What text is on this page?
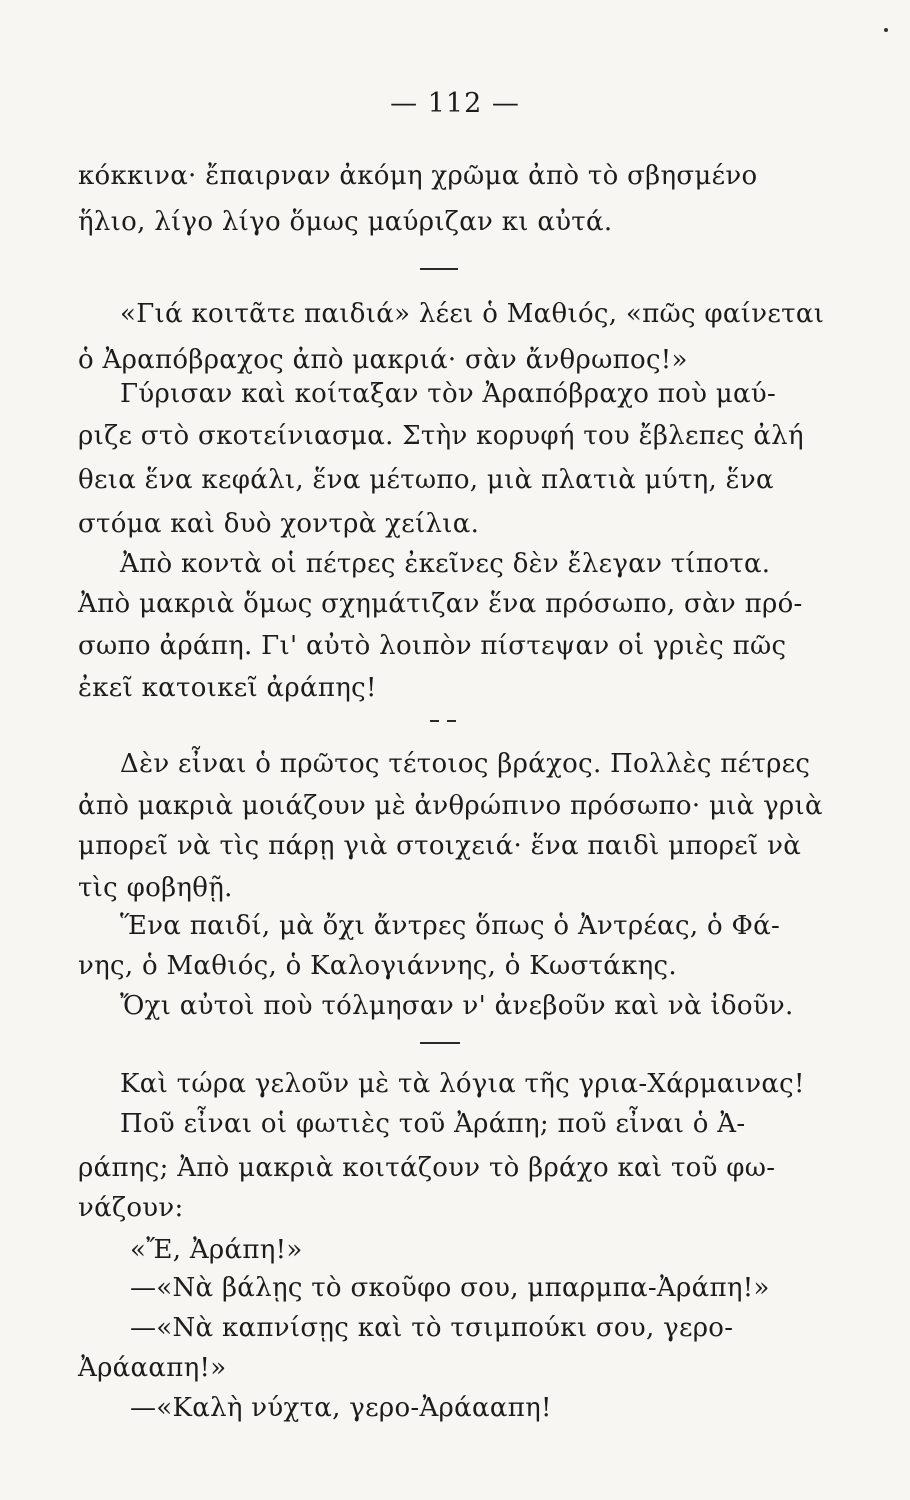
— 112 —
κόκκινα· ἔπαιρναν ἀκόμη χρῶμα ἀπὸ τὸ σβησμένο
ἥλιο, λίγο λίγο ὅμως μαύριζαν κι αὐτά.
«Γιά κοιτᾶτε παιδιά» λέει ὁ Μαθιός, «πῶς φαίνεται
ὁ Ἀραπόβραχος ἀπὸ μακριά· σὰν ἄνθρωπος!»
Γύρισαν καὶ κοίταξαν τὸν Ἀραπόβραχο ποὺ μαύ-
ριζε στὸ σκοτείνιασμα. Στὴν κορυφή του ἔβλεπες ἀλή
θεια ἕνα κεφάλι, ἕνα μέτωπο, μιὰ πλατιὰ μύτη, ἕνα
στόμα καὶ δυὸ χοντρὰ χείλια.
Ἀπὸ κοντὰ οἱ πέτρες ἐκεῖνες δὲν ἔλεγαν τίποτα.
Ἀπὸ μακριὰ ὅμως σχημάτιζαν ἕνα πρόσωπο, σὰν πρό-
σωπο ἀράπη. Γι' αὐτὸ λοιπὸν πίστεψαν οἱ γριὲς πῶς
ἐκεῖ κατοικεῖ ἀράπης!
Δὲν εἶναι ὁ πρῶτος τέτοιος βράχος. Πολλὲς πέτρες
ἀπὸ μακριὰ μοιάζουν μὲ ἀνθρώπινο πρόσωπο· μιὰ γριὰ
μπορεῖ νὰ τὶς πάρῃ γιὰ στοιχειά· ἕνα παιδὶ μπορεῖ νὰ
τὶς φοβηθῇ.
Ἕνα παιδί, μὰ ὄχι ἄντρες ὅπως ὁ Ἀντρέας, ὁ Φά-
νης, ὁ Μαθιός, ὁ Καλογιάννης, ὁ Κωστάκης.
Ὄχι αὐτοὶ ποὺ τόλμησαν ν' ἀνεβοῦν καὶ νὰ ἰδοῦν.
Καὶ τώρα γελοῦν μὲ τὰ λόγια τῆς γρια-Χάρμαινας!
Ποῦ εἶναι οἱ φωτιὲς τοῦ Ἀράπη; ποῦ εἶναι ὁ Ἀ-
ράπης; Ἀπὸ μακριὰ κοιτάζουν τὸ βράχο καὶ τοῦ φω-
νάζουν:
«Ἔ, Ἀράπη!»
—«Νὰ βάλῃς τὸ σκοῦφο σου, μπαρμπα-Ἀράπη!»
—«Νὰ καπνίσῃς καὶ τὸ τσιμπούκι σου, γερο-
Ἀράααπη!»
—«Καλὴ νύχτα, γερο-Ἀράααπη!
